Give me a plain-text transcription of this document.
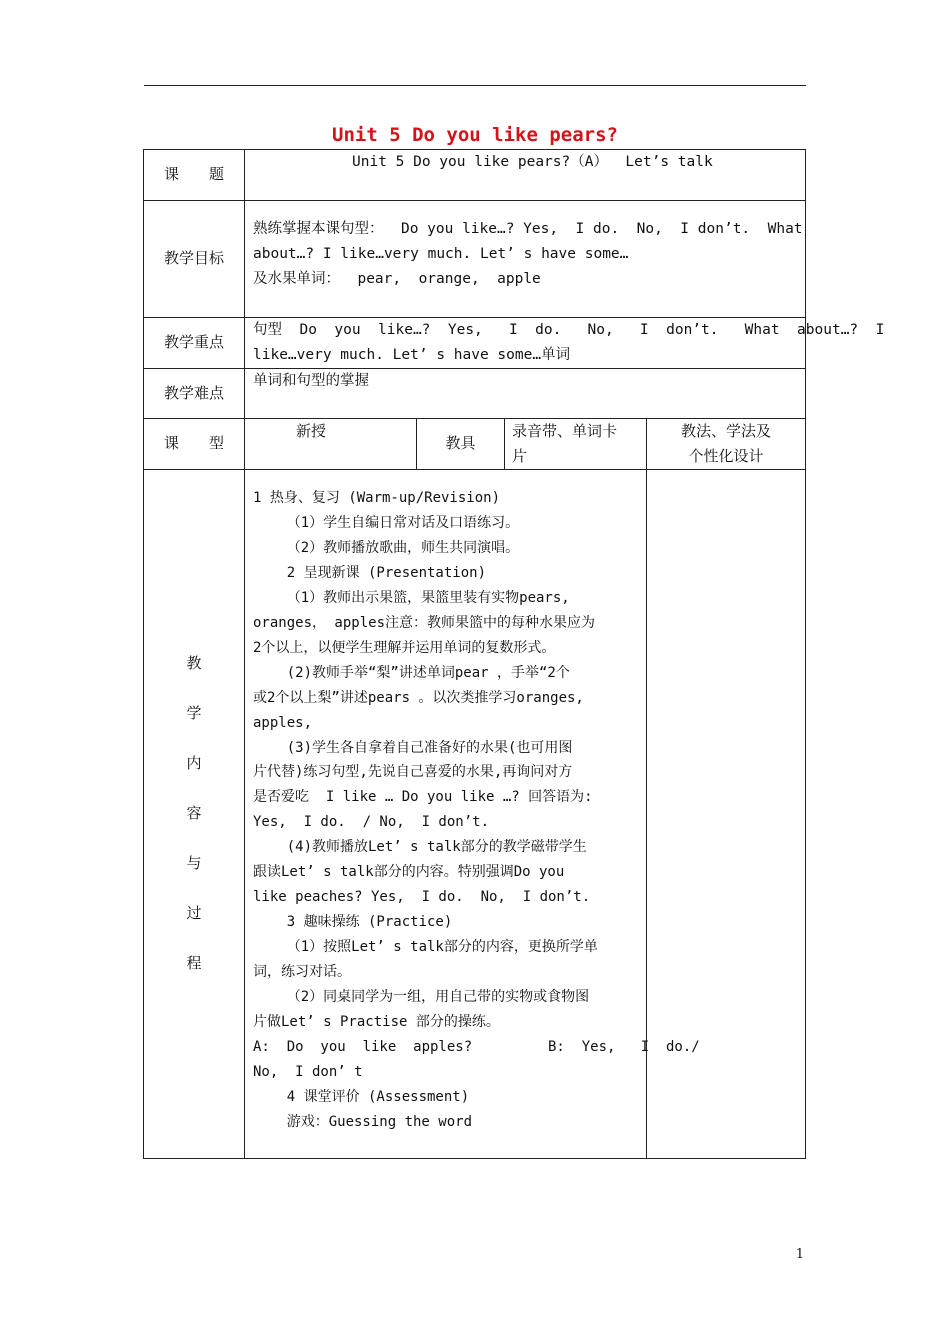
Unit 5 Do you like pears?
课　　题
Unit 5 Do you like pears?（A）  Let’s talk
教学目标
熟练掌握本课句型：  Do you like…? Yes,  I do.  No,  I don’t.  What
about…? I like…very much. Let’ s have some…
及水果单词：  pear,  orange,  apple
教学重点
句型  Do  you  like…?  Yes,   I  do.   No,   I  don’t.   What  about…?  I
like…very much. Let’ s have some…单词
教学难点
单词和句型的掌握
课　　型
新授
教具
录音带、单词卡
片
教法、学法及
个性化设计
教
学
内
容
与
过
程
1 热身、复习 (Warm-up/Revision)
（1）学生自编日常对话及口语练习。
（2）教师播放歌曲，师生共同演唱。
2 呈现新课 (Presentation)
（1）教师出示果篮，果篮里装有实物pears,
oranges， apples注意：教师果篮中的每种水果应为
2个以上，以便学生理解并运用单词的复数形式。
(2)教师手举“梨”讲述单词pear ，手举“2个
或2个以上梨”讲述pears 。以次类推学习oranges,
apples,
(3)学生各自拿着自己准备好的水果(也可用图
片代替)练习句型,先说自己喜爱的水果,再询问对方
是否爱吃  I like … Do you like …? 回答语为:
Yes,  I do.  / No,  I don’t.
(4)教师播放Let’ s talk部分的教学磁带学生
跟读Let’ s talk部分的内容。特别强调Do you
like peaches? Yes,  I do.  No,  I don’t.
3 趣味操练 (Practice)
（1）按照Let’ s talk部分的内容，更换所学单
词，练习对话。
（2）同桌同学为一组，用自己带的实物或食物图
片做Let’ s Practise 部分的操练。
A:  Do  you  like  apples?         B:  Yes,   I  do./
No,  I don’ t
4 课堂评价 (Assessment)
游戏：Guessing the word
1
